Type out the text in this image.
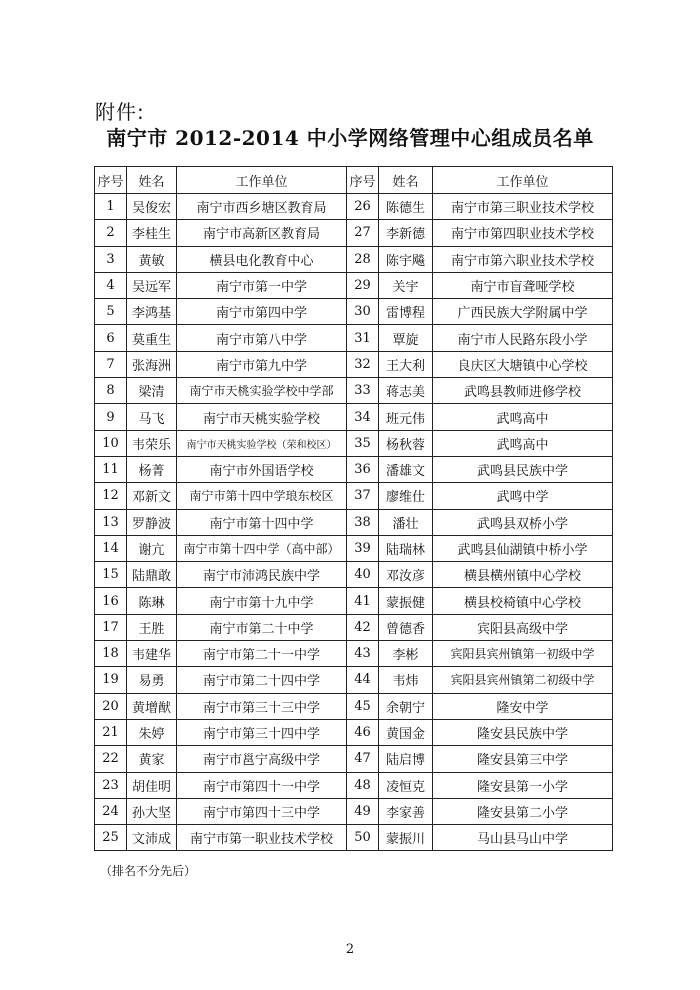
附件:
南宁市 2012-2014 中小学网络管理中心组成员名单
序号	姓名	工作单位	序号	姓名	工作单位
1	吴俊宏	南宁市西乡塘区教育局	26	陈德生	南宁市第三职业技术学校
2	李桂生	南宁市高新区教育局	27	李新德	南宁市第四职业技术学校
3	黄敏	横县电化教育中心	28	陈宇飚	南宁市第六职业技术学校
4	吴远军	南宁市第一中学	29	关宇	南宁市盲聋哑学校
5	李鸿基	南宁市第四中学	30	雷博程	广西民族大学附属中学
6	莫重生	南宁市第八中学	31	覃旋	南宁市人民路东段小学
7	张海洲	南宁市第九中学	32	王大利	良庆区大塘镇中心学校
8	梁清	南宁市天桃实验学校中学部	33	蒋志美	武鸣县教师进修学校
9	马飞	南宁市天桃实验学校	34	班元伟	武鸣高中
10	韦荣乐	南宁市天桃实验学校（荣和校区）	35	杨秋蓉	武鸣高中
11	杨菁	南宁市外国语学校	36	潘雄文	武鸣县民族中学
12	邓新文	南宁市第十四中学琅东校区	37	廖维仕	武鸣中学
13	罗静波	南宁市第十四中学	38	潘壮	武鸣县双桥小学
14	谢亢	南宁市第十四中学（高中部）	39	陆瑞林	武鸣县仙湖镇中桥小学
15	陆鼎敢	南宁市沛鸿民族中学	40	邓汝彦	横县横州镇中心学校
16	陈琳	南宁市第十九中学	41	蒙振健	横县校椅镇中心学校
17	王胜	南宁市第二十中学	42	曾德香	宾阳县高级中学
18	韦建华	南宁市第二十一中学	43	李彬	宾阳县宾州镇第一初级中学
19	易勇	南宁市第二十四中学	44	韦炜	宾阳县宾州镇第二初级中学
20	黄增猷	南宁市第三十三中学	45	余朝宁	隆安中学
21	朱婷	南宁市第三十四中学	46	黄国金	隆安县民族中学
22	黄家	南宁市邕宁高级中学	47	陆启博	隆安县第三中学
23	胡佳明	南宁市第四十一中学	48	凌恒克	隆安县第一小学
24	孙大坚	南宁市第四十三中学	49	李家善	隆安县第二小学
25	文沛成	南宁市第一职业技术学校	50	蒙振川	马山县马山中学
（排名不分先后）
2
